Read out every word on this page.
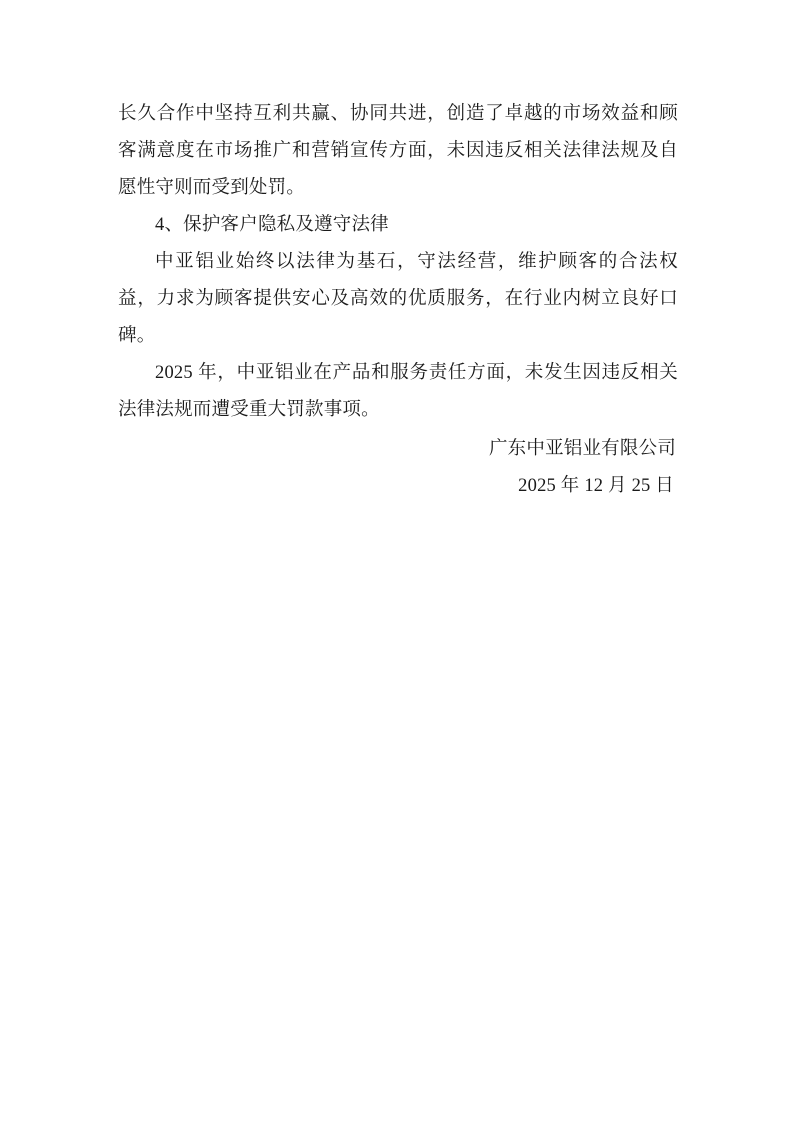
长久合作中坚持互利共赢、协同共进，创造了卓越的市场效益和顾客满意度在市场推广和营销宣传方面，未因违反相关法律法规及自愿性守则而受到处罚。

4、保护客户隐私及遵守法律

中亚铝业始终以法律为基石，守法经营，维护顾客的合法权益，力求为顾客提供安心及高效的优质服务，在行业内树立良好口碑。

2025 年，中亚铝业在产品和服务责任方面，未发生因违反相关法律法规而遭受重大罚款事项。

广东中亚铝业有限公司

2025 年 12 月 25 日
